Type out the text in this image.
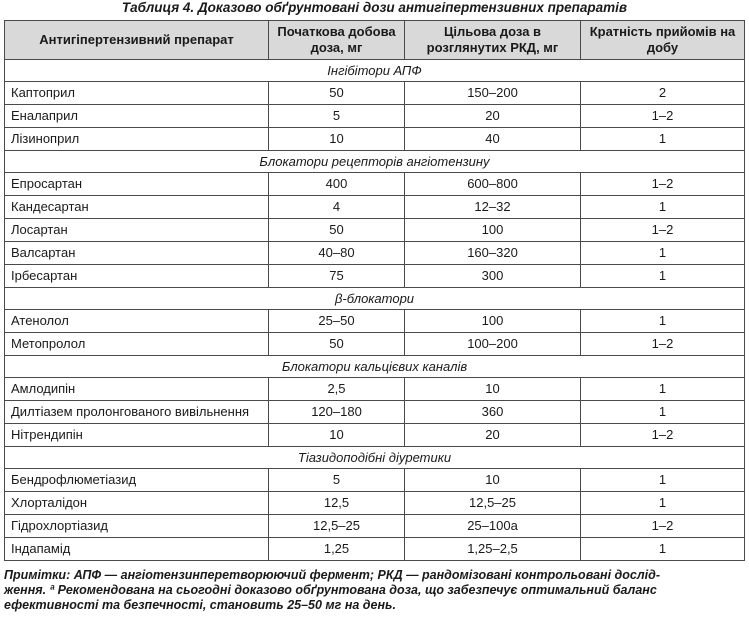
Таблиця 4. Доказово обґрунтовані дози антигіпертензивних препаратів
Антигіпертензивний препарат	Початкова добова доза, мг	Цільова доза в розглянутих РКД, мг	Кратність прийомів на добу
Інгібітори АПФ			
Каптоприл	50	150–200	2
Еналаприл	5	20	1–2
Лізиноприл	10	40	1
Блокатори рецепторів ангіотензину			
Епросартан	400	600–800	1–2
Кандесартан	4	12–32	1
Лосартан	50	100	1–2
Валсартан	40–80	160–320	1
Ірбесартан	75	300	1
β-блокатори			
Атенолол	25–50	100	1
Метопролол	50	100–200	1–2
Блокатори кальцієвих каналів			
Амлодипін	2,5	10	1
Дилтіазем пролонгованого вивільнення	120–180	360	1
Нітрендипін	10	20	1–2
Тіазидоподібні діуретики			
Бендрофлюметіазид	5	10	1
Хлорталідон	12,5	12,5–25	1
Гідрохлортіазид	12,5–25	25–100a	1–2
Індапамід	1,25	1,25–2,5	1
Примітки: АПФ — ангіотензинперетворюючий фермент; РКД — рандомізовані контрольовані дослід-
ження. ª Рекомендована на сьогодні доказово обґрунтована доза, що забезпечує оптимальний баланс
ефективності та безпечності, становить 25–50 мг на день.
